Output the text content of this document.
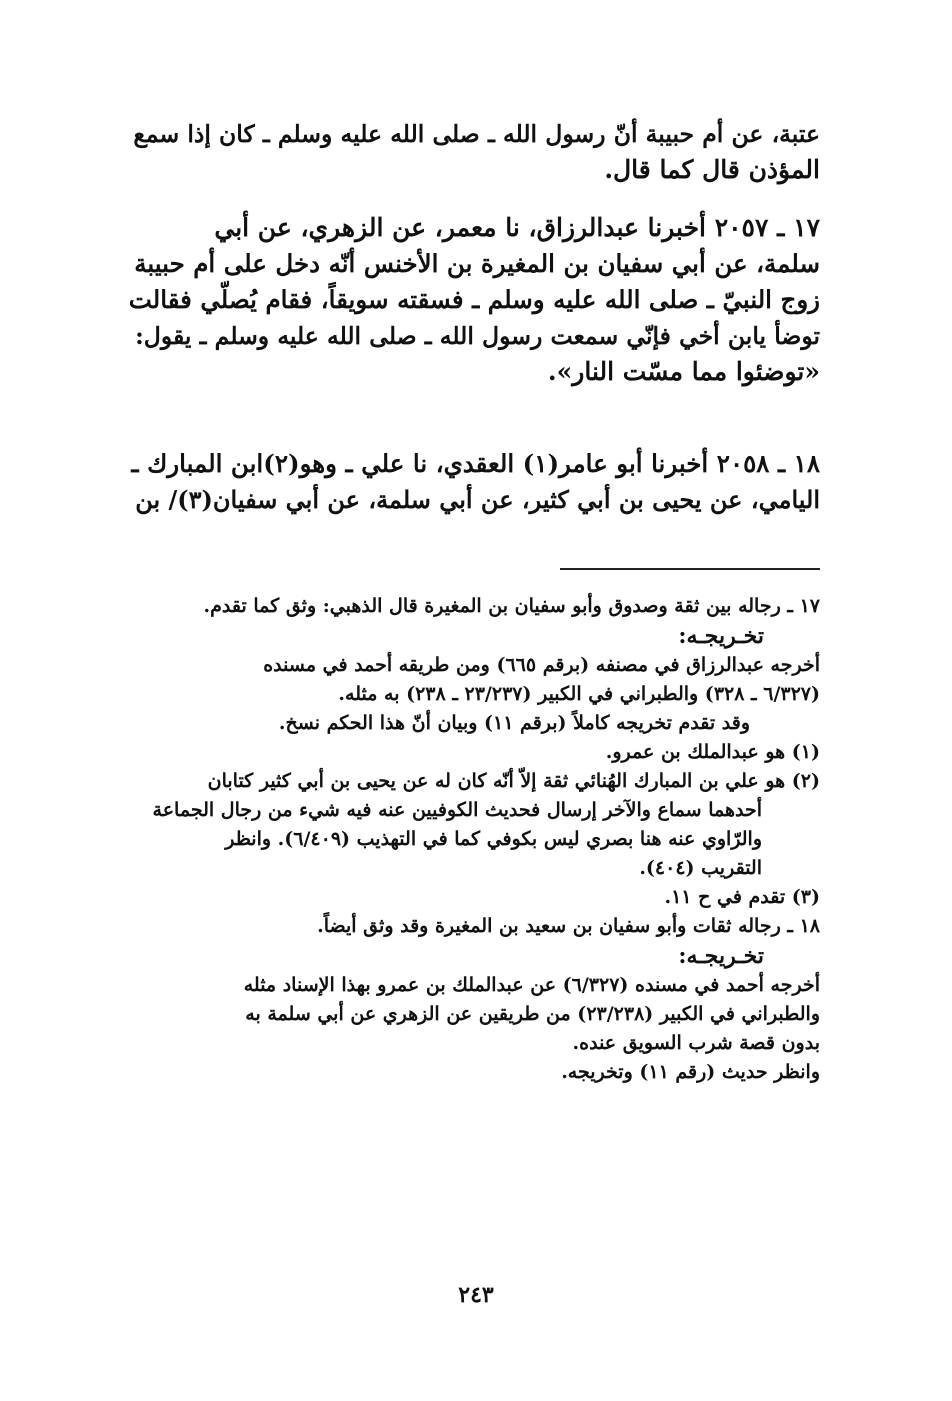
عتبة، عن أم حبيبة أنّ رسول الله ـ صلى الله عليه وسلم ـ كان إذا سمع
المؤذن قال كما قال.
١٧ ـ ٢٠٥٧ أخبرنا عبدالرزاق، نا معمر، عن الزهري، عن أبي
سلمة، عن أبي سفيان بن المغيرة بن الأخنس أنّه دخل على أم حبيبة
زوج النبيّ ـ صلى الله عليه وسلم ـ فسقته سويقاً، فقام يُصلّي فقالت
توضأ يابن أخي فإنّي سمعت رسول الله ـ صلى الله عليه وسلم ـ يقول:
«توضئوا مما مسّت النار».
١٨ ـ ٢٠٥٨ أخبرنا أبو عامر(١) العقدي، نا علي ـ وهو(٢)ابن المبارك ـ
اليامي، عن يحيى بن أبي كثير، عن أبي سلمة، عن أبي سفيان(٣)/ بن
١٧ ـ رجاله بين ثقة وصدوق وأبو سفيان بن المغيرة قال الذهبي: وثق كما تقدم.
تخـريجـه:
أخرجه عبدالرزاق في مصنفه (برقم ٦٦٥) ومن طريقه أحمد في مسنده
(٦/٣٢٧ ـ ٣٢٨) والطبراني في الكبير (٢٣/٢٣٧ ـ ٢٣٨) به مثله.
وقد تقدم تخريجه كاملاً (برقم ١١) وبيان أنّ هذا الحكم نسخ.
(١) هو عبدالملك بن عمرو.
(٢) هو علي بن المبارك الهُنائي ثقة إلاّ أنّه كان له عن يحيى بن أبي كثير كتابان
أحدهما سماع والآخر إرسال فحديث الكوفيين عنه فيه شيء من رجال الجماعة
والرّاوي عنه هنا بصري ليس بكوفي كما في التهذيب (٦/٤٠٩). وانظر
التقريب (٤٠٤).
(٣) تقدم في ح ١١.
١٨ ـ رجاله ثقات وأبو سفيان بن سعيد بن المغيرة وقد وثق أيضاً.
تخـريجـه:
أخرجه أحمد في مسنده (٦/٣٢٧) عن عبدالملك بن عمرو بهذا الإسناد مثله
والطبراني في الكبير (٢٣/٢٣٨) من طريقين عن الزهري عن أبي سلمة به
بدون قصة شرب السويق عنده.
وانظر حديث (رقم ١١) وتخريجه.
٢٤٣
